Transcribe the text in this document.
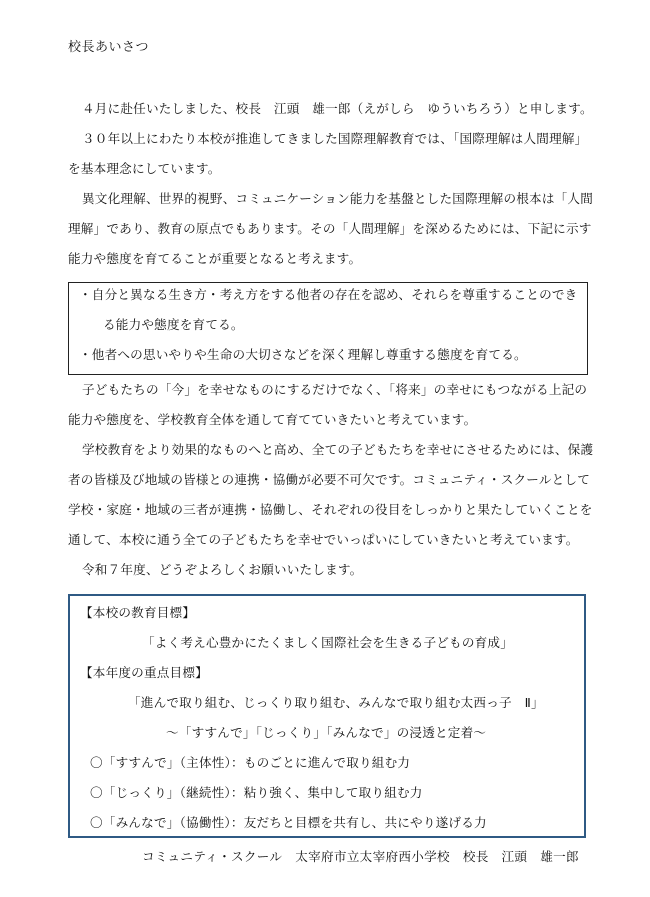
校長あいさつ
４月に赴任いたしました、校長　江頭　雄一郎（えがしら　ゆういちろう）と申します。
３０年以上にわたり本校が推進してきました国際理解教育では、「国際理解は人間理解」
を基本理念にしています。
異文化理解、世界的視野、コミュニケーション能力を基盤とした国際理解の根本は「人間
理解」であり、教育の原点でもあります。その「人間理解」を深めるためには、下記に示す
能力や態度を育てることが重要となると考えます。
・自分と異なる生き方・考え方をする他者の存在を認め、それらを尊重することのでき
る能力や態度を育てる。
・他者への思いやりや生命の大切さなどを深く理解し尊重する態度を育てる。
子どもたちの「今」を幸せなものにするだけでなく、「将来」の幸せにもつながる上記の
能力や態度を、学校教育全体を通して育てていきたいと考えています。
学校教育をより効果的なものへと高め、全ての子どもたちを幸せにさせるためには、保護
者の皆様及び地域の皆様との連携・協働が必要不可欠です。コミュニティ・スクールとして
学校・家庭・地域の三者が連携・協働し、それぞれの役目をしっかりと果たしていくことを
通して、本校に通う全ての子どもたちを幸せでいっぱいにしていきたいと考えています。
令和７年度、どうぞよろしくお願いいたします。
【本校の教育目標】
「よく考え心豊かにたくましく国際社会を生きる子どもの育成」
【本年度の重点目標】
「進んで取り組む、じっくり取り組む、みんなで取り組む太西っ子　Ⅱ」
～「すすんで」「じっくり」「みんなで」の浸透と定着～
〇「すすんで」（主体性）：ものごとに進んで取り組む力
〇「じっくり」（継続性）：粘り強く、集中して取り組む力
〇「みんなで」（協働性）：友だちと目標を共有し、共にやり遂げる力
コミュニティ・スクール　太宰府市立太宰府西小学校　校長　江頭　雄一郎
